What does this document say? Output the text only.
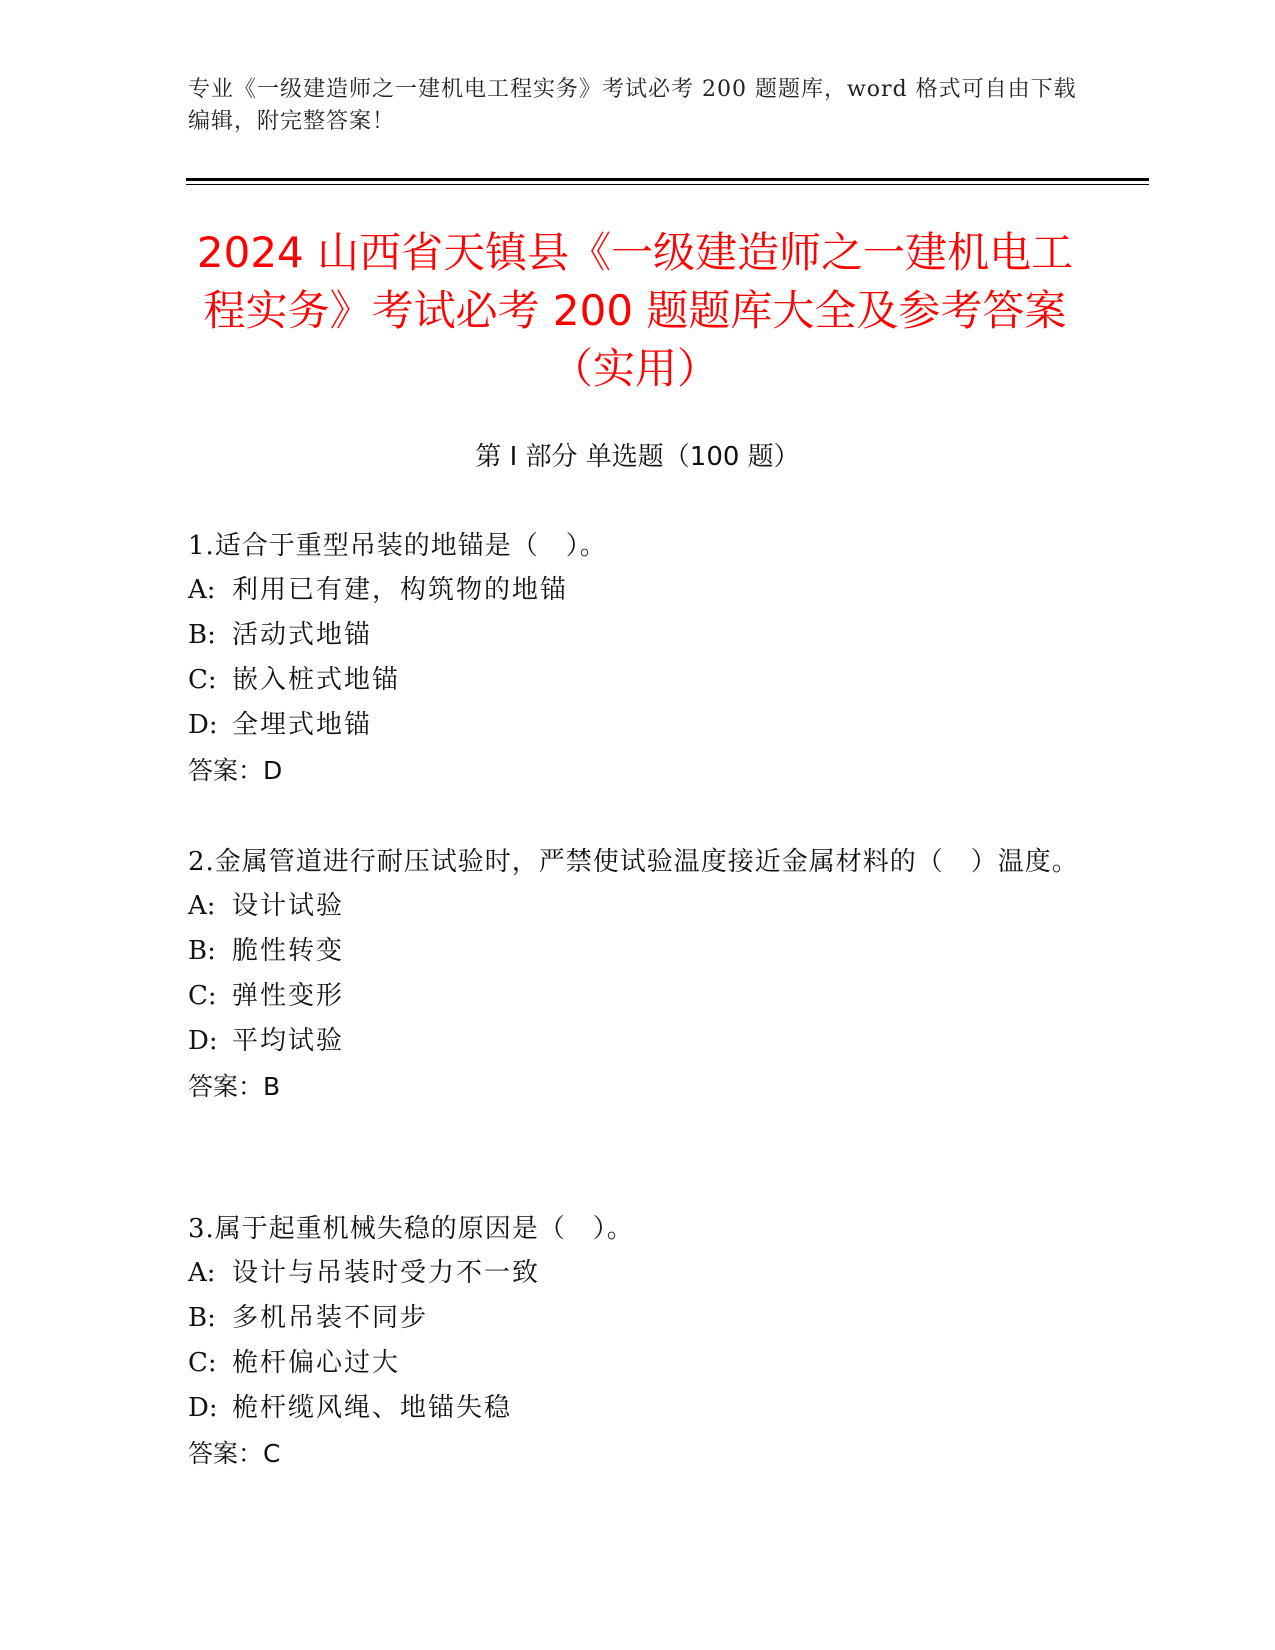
专业《一级建造师之一建机电工程实务》考试必考 200 题题库，word 格式可自由下载编辑，附完整答案！
2024 山西省天镇县《一级建造师之一建机电工程实务》考试必考 200 题题库大全及参考答案（实用）
第 I 部分 单选题（100 题）
1.适合于重型吊装的地锚是（　）。
A: 利用已有建，构筑物的地锚
B: 活动式地锚
C: 嵌入桩式地锚
D: 全埋式地锚
答案：D
2.金属管道进行耐压试验时，严禁使试验温度接近金属材料的（　）温度。
A: 设计试验
B: 脆性转变
C: 弹性变形
D: 平均试验
答案：B
3.属于起重机械失稳的原因是（　）。
A: 设计与吊装时受力不一致
B: 多机吊装不同步
C: 桅杆偏心过大
D: 桅杆缆风绳、地锚失稳
答案：C
